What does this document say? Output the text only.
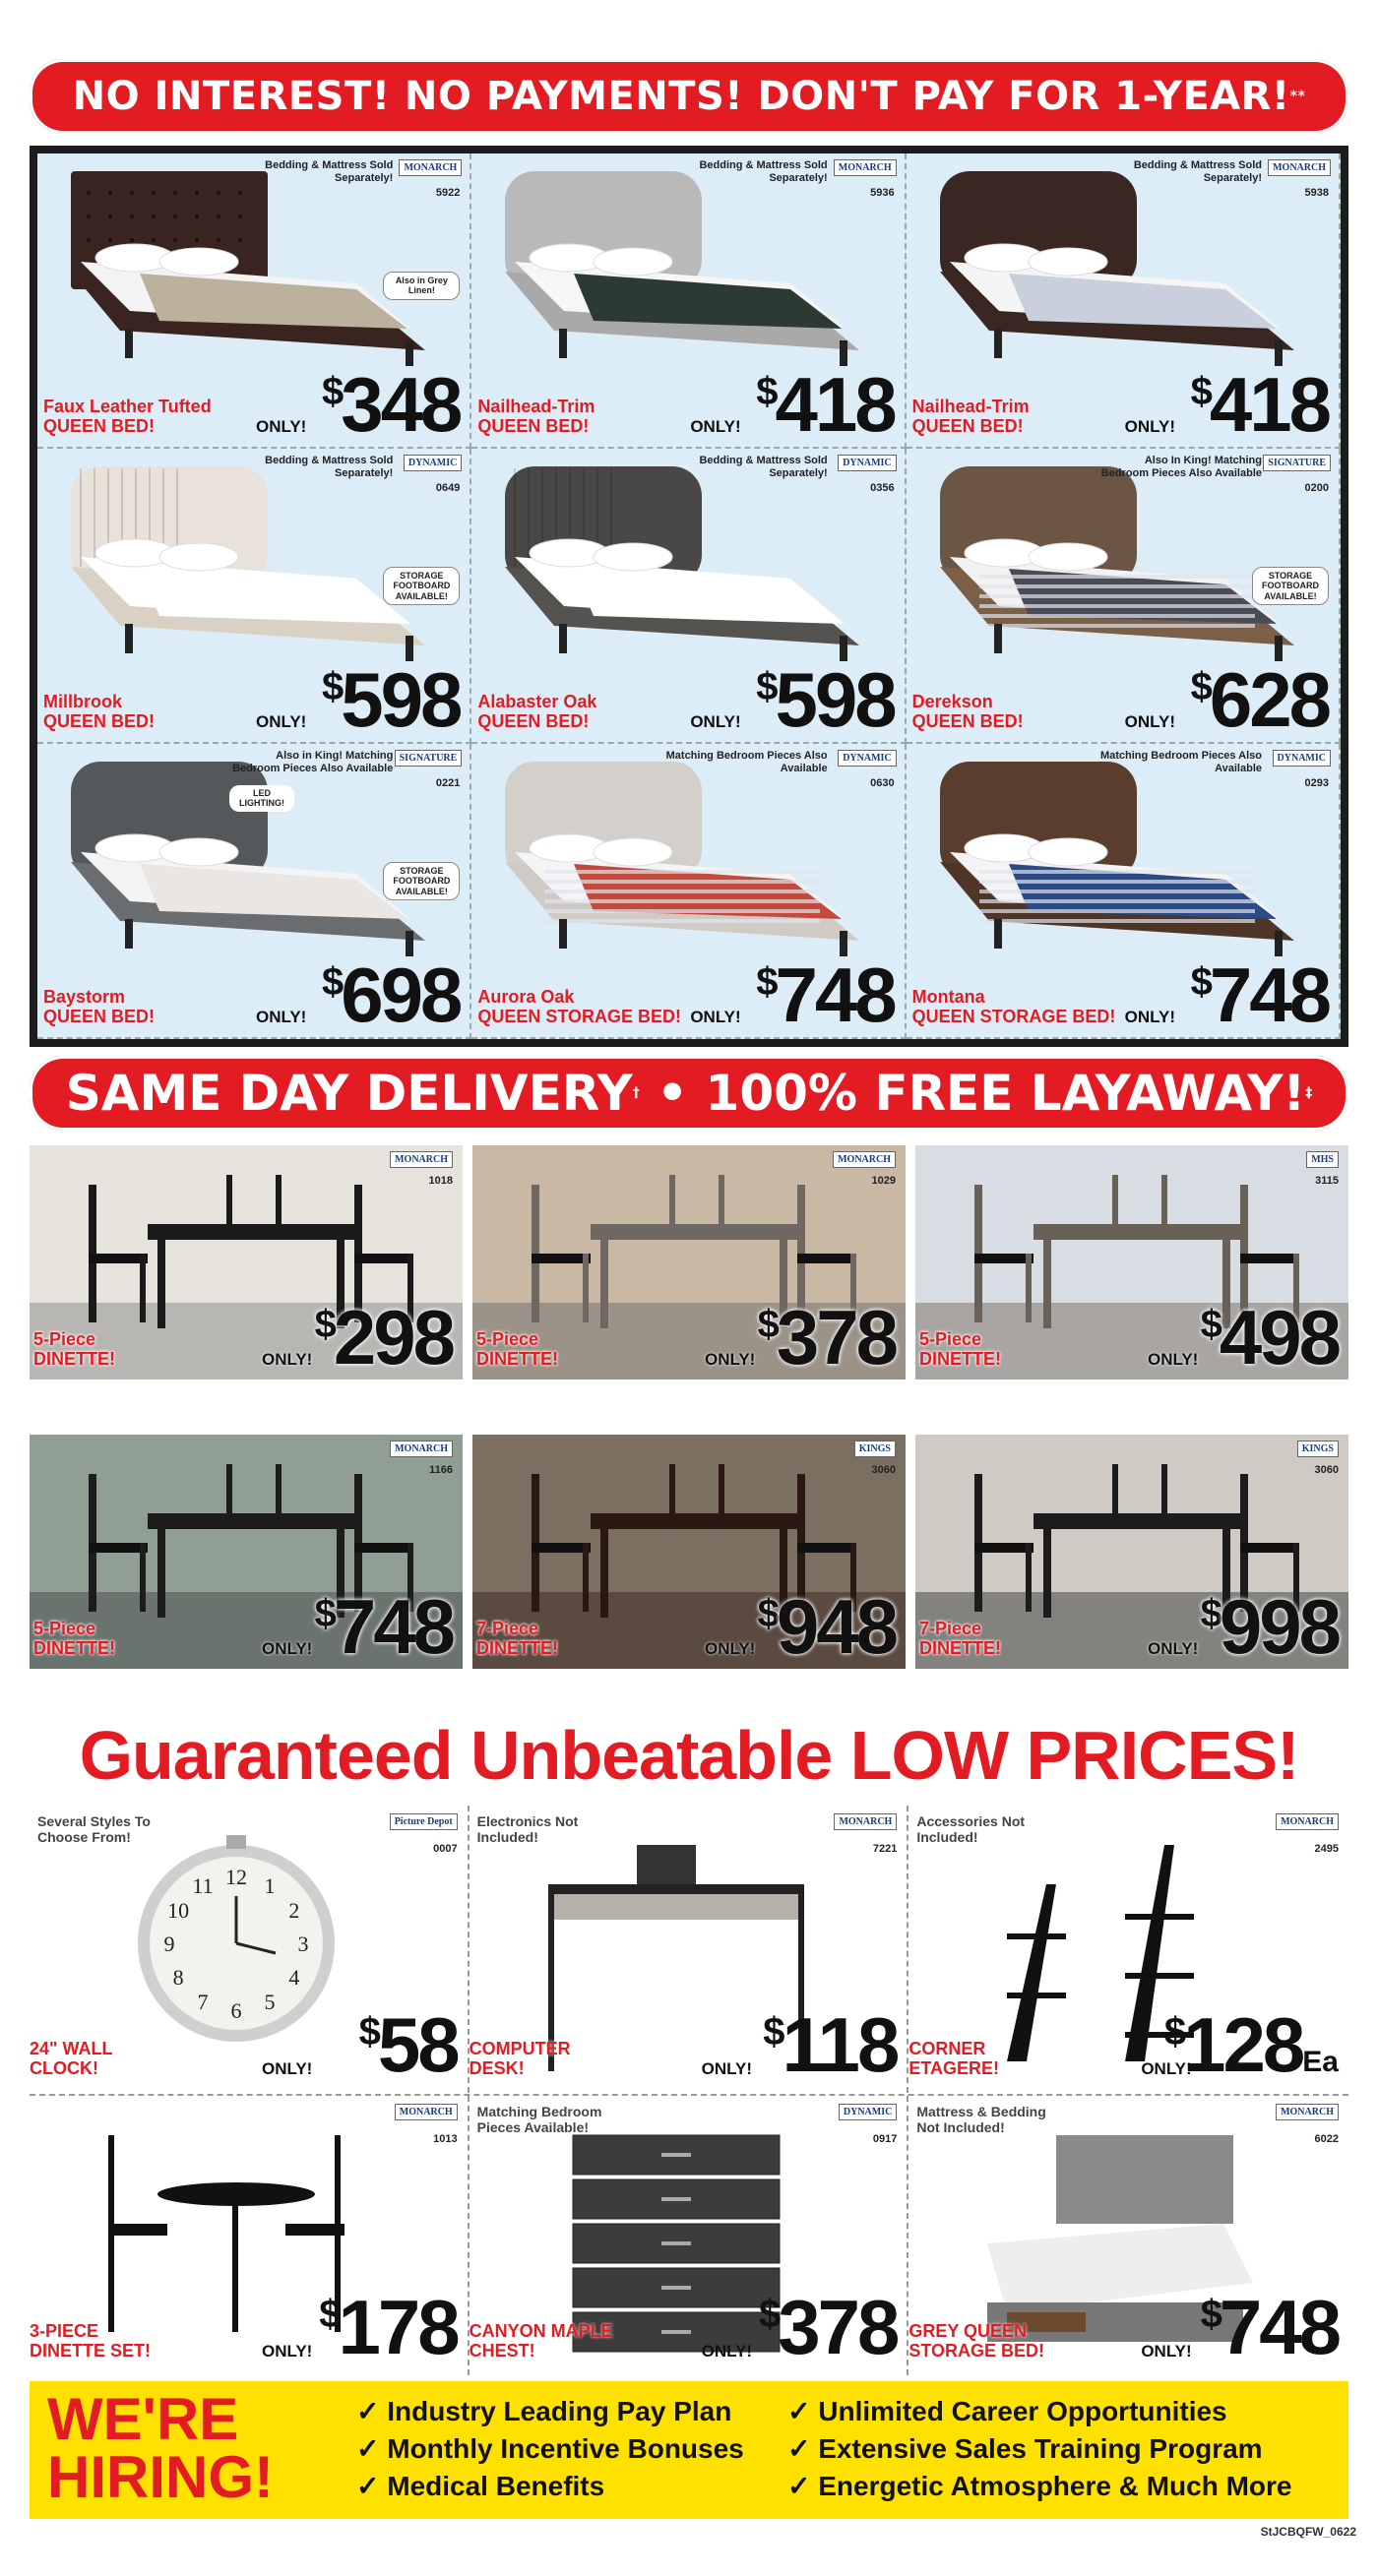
NO INTEREST! NO PAYMENTS! DON'T PAY FOR 1-YEAR!**
Bedding & Mattress Sold Separately!
MONARCH
5922
Also in Grey Linen!
Faux Leather Tufted
QUEEN BED!	ONLY!
$348
Bedding & Mattress Sold Separately!
MONARCH
5936
Nailhead-Trim
QUEEN BED!	ONLY!
$418
Bedding & Mattress Sold Separately!
MONARCH
5938
Nailhead-Trim
QUEEN BED!	ONLY!
$418
Bedding & Mattress Sold Separately!
DYNAMIC
0649
STORAGE FOOTBOARD AVAILABLE!
Millbrook
QUEEN BED!	ONLY!
$598
Bedding & Mattress Sold Separately!
DYNAMIC
0356
Alabaster Oak
QUEEN BED!	ONLY!
$598
Also In King! Matching Bedroom Pieces Also Available
SIGNATURE
0200
STORAGE FOOTBOARD AVAILABLE!
Derekson
QUEEN BED!	ONLY!
$628
Also in King! Matching Bedroom Pieces Also Available
SIGNATURE
0221
STORAGE FOOTBOARD AVAILABLE!
LED LIGHTING!
Baystorm
QUEEN BED!	ONLY!
$698
Matching Bedroom Pieces Also Available
DYNAMIC
0630
Aurora Oak
QUEEN STORAGE BED! ONLY!
$748
Matching Bedroom Pieces Also Available
DYNAMIC
0293
Montana
QUEEN STORAGE BED! ONLY!
$748
SAME DAY DELIVERY† • 100% FREE LAYAWAY!‡
MONARCH
1018
5-Piece
DINETTE!	ONLY!
$298
MONARCH
1029
5-Piece
DINETTE!	ONLY!
$378
MHS
3115
5-Piece
DINETTE!	ONLY!
$498
MONARCH
1166
5-Piece
DINETTE!	ONLY!
$748
KINGS
3060
7-Piece
DINETTE!	ONLY!
$948
KINGS
3060
7-Piece
DINETTE!	ONLY!
$998
Guaranteed Unbeatable LOW PRICES!
1
2
3
4
5
6
7
8
9
10
11 12
Several Styles To Choose From!
Picture Depot
0007
24" WALL
CLOCK!	ONLY!
$58
Electronics Not Included!
MONARCH
7221
COMPUTER
DESK!	ONLY!
$118
Accessories Not Included!
MONARCH
2495
CORNER
ETAGERE!	ONLY!
$128Ea
MONARCH
1013
3-PIECE
DINETTE SET!	ONLY!
$178
Matching Bedroom Pieces Available!
DYNAMIC
0917
CANYON MAPLE
CHEST!	ONLY!
$378
Mattress & Bedding Not Included!
MONARCH
6022
GREY QUEEN
STORAGE BED!	ONLY!
$748
WE'RE
HIRING!
✓ Industry Leading Pay Plan
✓ Monthly Incentive Bonuses
✓ Medical Benefits
✓ Unlimited Career Opportunities
✓ Extensive Sales Training Program
✓ Energetic Atmosphere & Much More
StJCBQFW_0622
